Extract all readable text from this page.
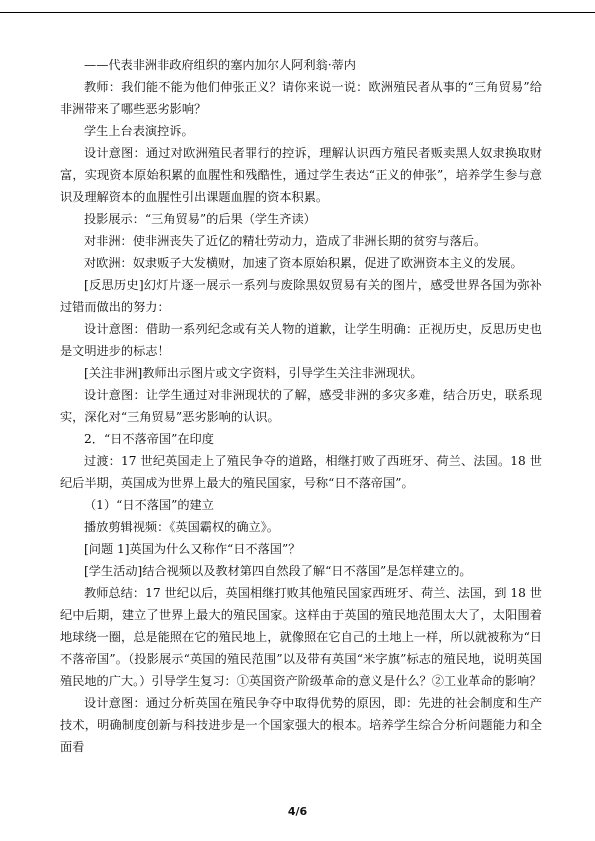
——代表非洲非政府组织的塞内加尔人阿利翁·蒂内

教师：我们能不能为他们伸张正义？请你来说一说：欧洲殖民者从事的“三角贸易”给非洲带来了哪些恶劣影响？

学生上台表演控诉。

设计意图：通过对欧洲殖民者罪行的控诉，理解认识西方殖民者贩卖黑人奴隶换取财富，实现资本原始积累的血腥性和残酷性，通过学生表达“正义的伸张”，培养学生参与意识及理解资本的血腥性引出课题血腥的资本积累。

投影展示：“三角贸易”的后果（学生齐读）

对非洲：使非洲丧失了近亿的精壮劳动力，造成了非洲长期的贫穷与落后。

对欧洲：奴隶贩子大发横财，加速了资本原始积累，促进了欧洲资本主义的发展。

[反思历史]幻灯片逐一展示一系列与废除黑奴贸易有关的图片，感受世界各国为弥补过错而做出的努力：

设计意图：借助一系列纪念或有关人物的道歉，让学生明确：正视历史，反思历史也是文明进步的标志！

[关注非洲]教师出示图片或文字资料，引导学生关注非洲现状。

设计意图：让学生通过对非洲现状的了解，感受非洲的多灾多难，结合历史，联系现实，深化对“三角贸易”恶劣影响的认识。

2．“日不落帝国”在印度

过渡：17 世纪英国走上了殖民争夺的道路，相继打败了西班牙、荷兰、法国。18 世纪后半期，英国成为世界上最大的殖民国家，号称“日不落帝国”。

（1）“日不落国”的建立

播放剪辑视频：《英国霸权的确立》。

[问题 1]英国为什么又称作“日不落国”？

[学生活动]结合视频以及教材第四自然段了解“日不落国”是怎样建立的。

教师总结：17 世纪以后，英国相继打败其他殖民国家西班牙、荷兰、法国，到 18 世纪中后期，建立了世界上最大的殖民国家。这样由于英国的殖民地范围太大了，太阳围着地球绕一圈，总是能照在它的殖民地上，就像照在它自己的土地上一样，所以就被称为“日不落帝国”。（投影展示“英国的殖民范围”以及带有英国“米字旗”标志的殖民地，说明英国殖民地的广大。）引导学生复习：①英国资产阶级革命的意义是什么？②工业革命的影响？

设计意图：通过分析英国在殖民争夺中取得优势的原因，即：先进的社会制度和生产技术，明确制度创新与科技进步是一个国家强大的根本。培养学生综合分析问题能力和全面看

4/6
